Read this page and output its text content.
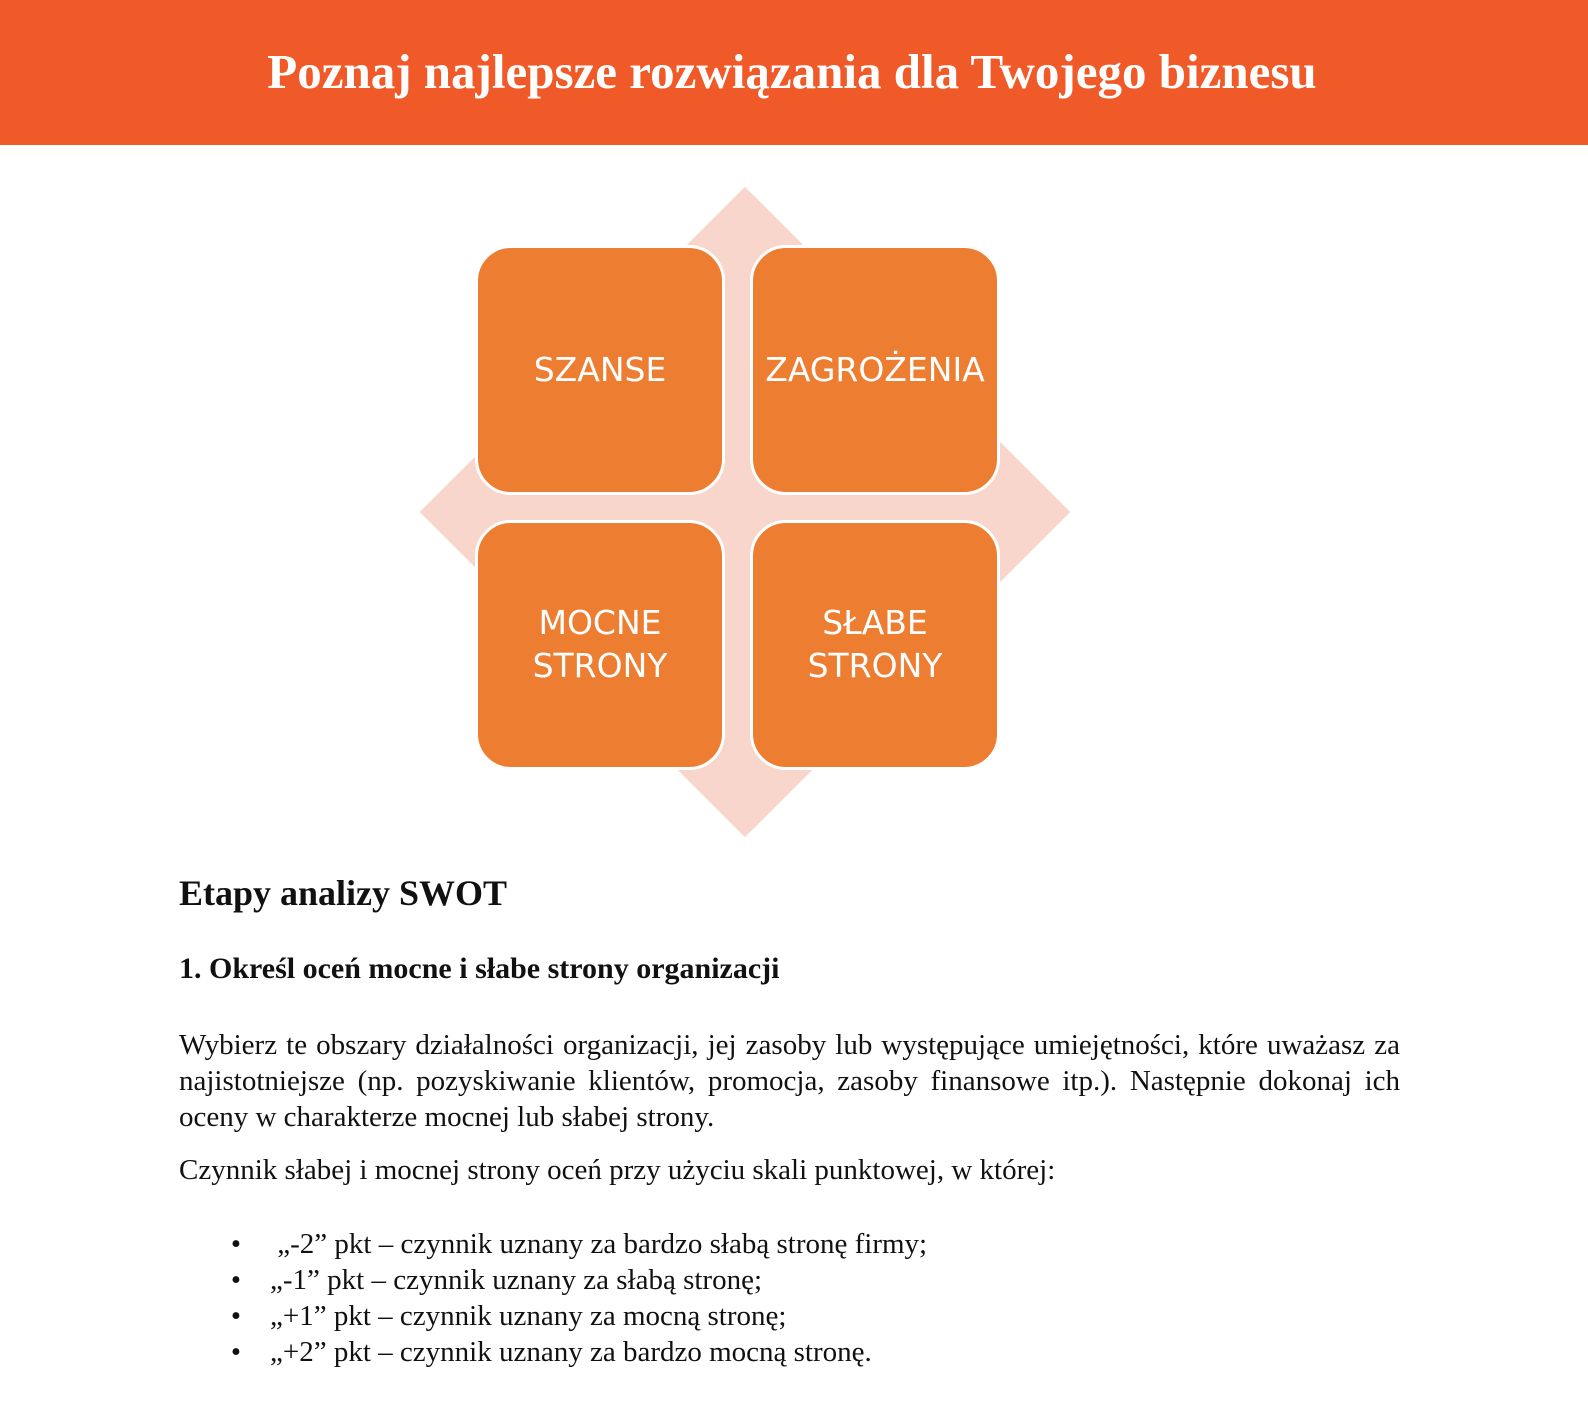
Poznaj najlepsze rozwiązania dla Twojego biznesu
SZANSE	ZAGROŻENIA
MOCNE STRONY
SŁABE STRONY
Etapy analizy SWOT
1. Określ oceń mocne i słabe strony organizacji

Wybierz te obszary działalności organizacji, jej zasoby lub występujące umiejętności, które uważasz za najistotniejsze (np. pozyskiwanie klientów, promocja, zasoby finansowe itp.). Następnie dokonaj ich oceny w charakterze mocnej lub słabej strony.

Czynnik słabej i mocnej strony oceń przy użyciu skali punktowej, w której:

• „-2” pkt – czynnik uznany za bardzo słabą stronę firmy;
• „-1” pkt – czynnik uznany za słabą stronę;
• „+1” pkt – czynnik uznany za mocną stronę;
• „+2” pkt – czynnik uznany za bardzo mocną stronę.
